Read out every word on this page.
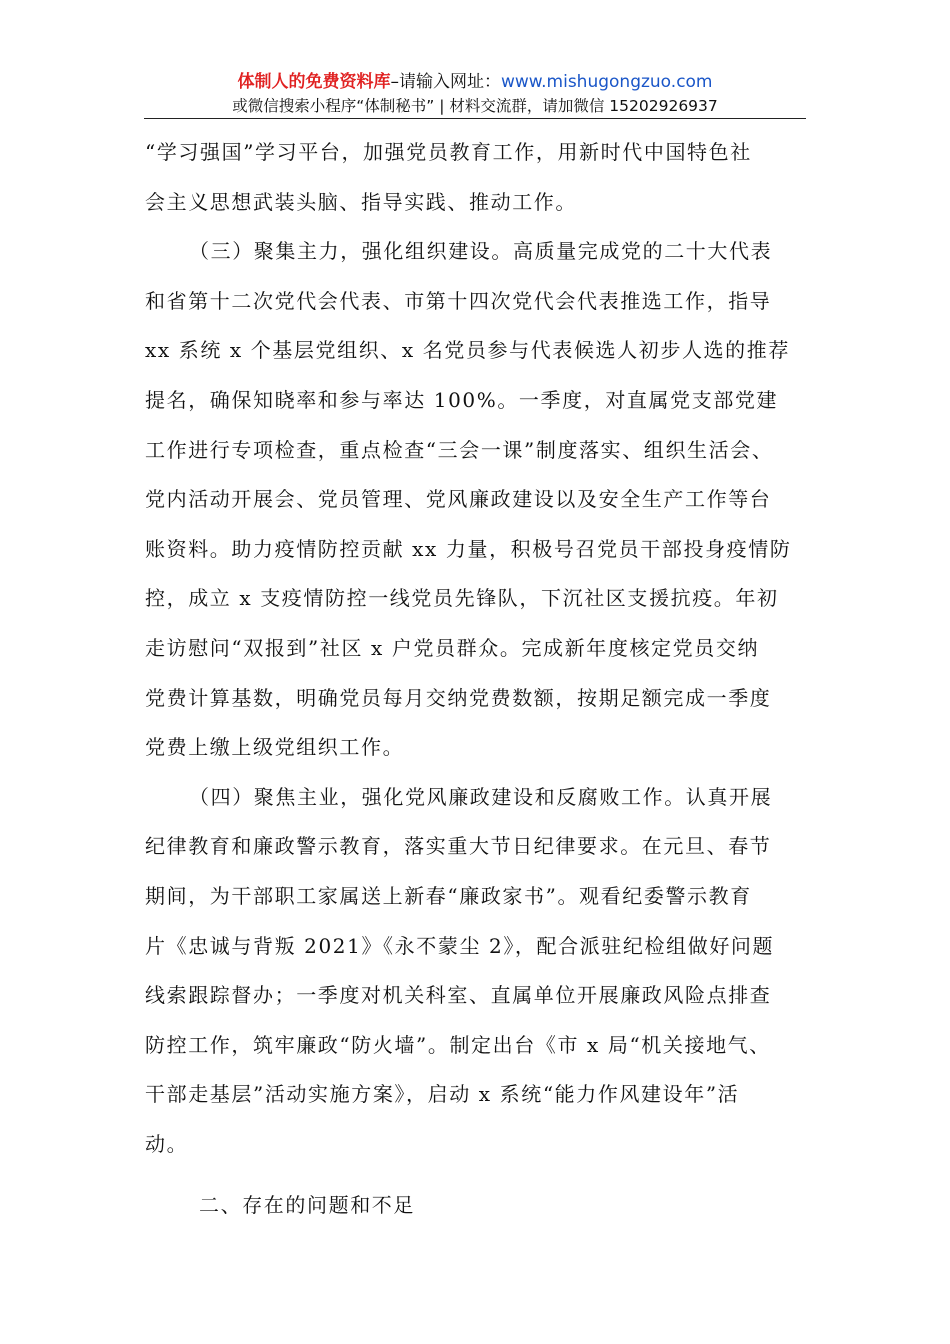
体制人的免费资料库–请输入网址：www.mishugongzuo.com
或微信搜索小程序“体制秘书” | 材料交流群，请加微信 15202926937
“学习强国”学习平台，加强党员教育工作，用新时代中国特色社
会主义思想武装头脑、指导实践、推动工作。
（三）聚集主力，强化组织建设。高质量完成党的二十大代表
和省第十二次党代会代表、市第十四次党代会代表推选工作，指导
xx 系统 x 个基层党组织、x 名党员参与代表候选人初步人选的推荐
提名，确保知晓率和参与率达 100%。一季度，对直属党支部党建
工作进行专项检查，重点检查“三会一课”制度落实、组织生活会、
党内活动开展会、党员管理、党风廉政建设以及安全生产工作等台
账资料。助力疫情防控贡献 xx 力量，积极号召党员干部投身疫情防
控，成立 x 支疫情防控一线党员先锋队，下沉社区支援抗疫。年初
走访慰问“双报到”社区 x 户党员群众。完成新年度核定党员交纳
党费计算基数，明确党员每月交纳党费数额，按期足额完成一季度
党费上缴上级党组织工作。
（四）聚焦主业，强化党风廉政建设和反腐败工作。认真开展
纪律教育和廉政警示教育，落实重大节日纪律要求。在元旦、春节
期间，为干部职工家属送上新春“廉政家书”。观看纪委警示教育
片《忠诚与背叛 2021》《永不蒙尘 2》，配合派驻纪检组做好问题
线索跟踪督办；一季度对机关科室、直属单位开展廉政风险点排查
防控工作，筑牢廉政“防火墙”。制定出台《市 x 局“机关接地气、
干部走基层”活动实施方案》，启动 x 系统“能力作风建设年”活
动。
二、存在的问题和不足
